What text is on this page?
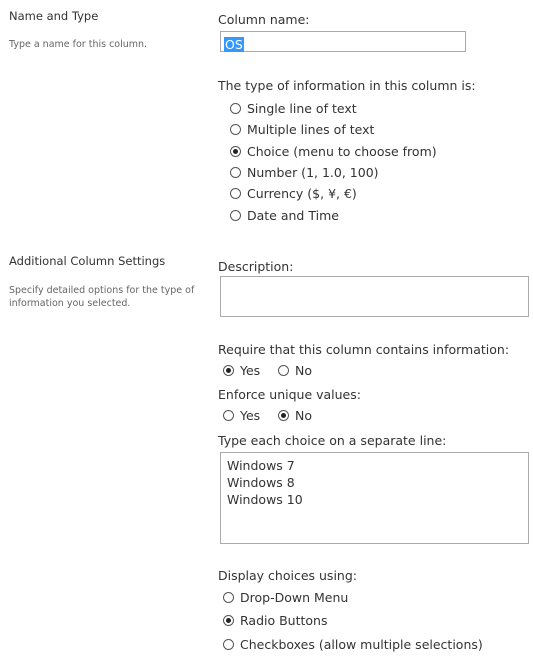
Name and Type
Type a name for this column.
Column name:
OS
The type of information in this column is:
Single line of text
Multiple lines of text
Choice (menu to choose from)
Number (1, 1.0, 100)
Currency ($, ¥, €)
Date and Time
Additional Column Settings
Specify detailed options for the type of
information you selected.
Description:
Require that this column contains information:
Yes	No
Enforce unique values:
Yes	No
Type each choice on a separate line:
Windows 7
Windows 8
Windows 10
Display choices using:
Drop-Down Menu
Radio Buttons
Checkboxes (allow multiple selections)
